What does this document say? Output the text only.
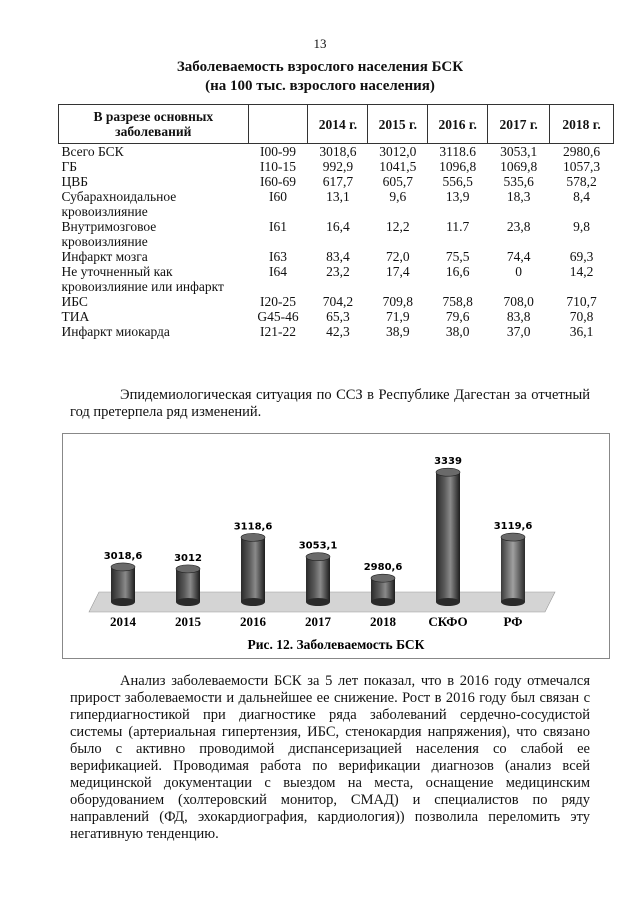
13
Заболеваемость взрослого населения БСК
(на 100 тыс. взрослого населения)
В разрезе основных заболеваний		2014 г.	2015 г.	2016 г.	2017 г.	2018 г.
Всего БСК	I00-99	3018,6	3012,0	3118.6	3053,1	2980,6
ГБ	I10-15	992,9	1041,5	1096,8	1069,8	1057,3
ЦВБ	I60-69	617,7	605,7	556,5	535,6	578,2
Субарахноидальное кровоизлияние	I60	13,1	9,6	13,9	18,3	8,4
Внутримозговое кровоизлияние	I61	16,4	12,2	11.7	23,8	9,8
Инфаркт мозга	I63	83,4	72,0	75,5	74,4	69,3
Не уточненный как кровоизлияние или инфаркт	I64	23,2	17,4	16,6	0	14,2
ИБС	I20-25	704,2	709,8	758,8	708,0	710,7
ТИА	G45-46	65,3	71,9	79,6	83,8	70,8
Инфаркт миокарда	I21-22	42,3	38,9	38,0	37,0	36,1
Эпидемиологическая ситуация по ССЗ в Республике Дагестан за отчетный год претерпела ряд изменений.
3018,6	3012
3118,6
3053,1
2980,6
3339
3119,6
2014	2015	2016	2017	2018 СКФО	РФ
Рис. 12. Заболеваемость БСК
Анализ заболеваемости БСК за 5 лет показал, что в 2016 году отмечался прирост заболеваемости и дальнейшее ее снижение. Рост в 2016 году был связан с гипердиагностикой при диагностике ряда заболеваний сердечно-сосудистой системы (артериальная гипертензия, ИБС, стенокардия напряжения), что связано было с активно проводимой диспансеризацией населения со слабой ее верификацией. Проводимая работа по верификации диагнозов (анализ всей медицинской документации с выездом на места, оснащение медицинским оборудованием (холтеровский монитор, СМАД) и специалистов по ряду направлений (ФД, эхокардиография, кардиология)) позволила переломить эту негативную тенденцию.
